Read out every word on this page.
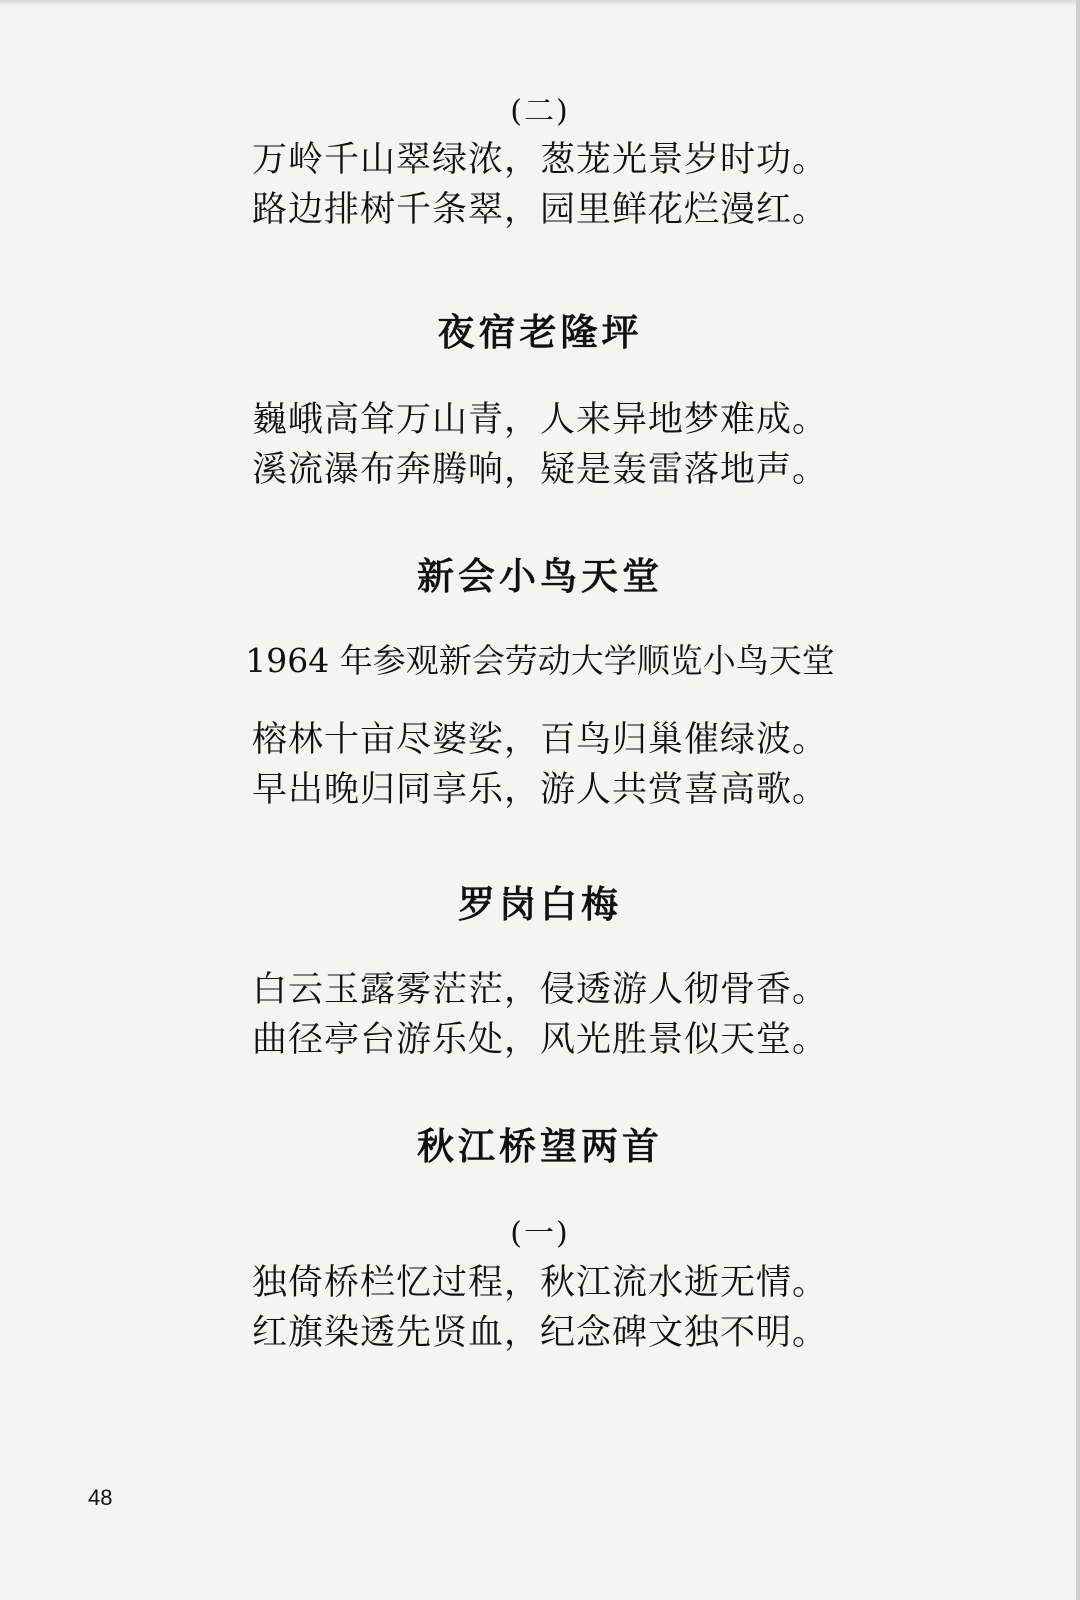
(二)

万岭千山翠绿浓，葱茏光景岁时功。

路边排树千条翠，园里鲜花烂漫红。

夜宿老隆坪

巍峨高耸万山青，人来异地梦难成。

溪流瀑布奔腾响，疑是轰雷落地声。

新会小鸟天堂
1964 年参观新会劳动大学顺览小鸟天堂

榕林十亩尽婆娑，百鸟归巢催绿波。

早出晚归同享乐，游人共赏喜高歌。

罗岗白梅

白云玉露雾茫茫，侵透游人彻骨香。

曲径亭台游乐处，风光胜景似天堂。

秋江桥望两首
(一)

独倚桥栏忆过程，秋江流水逝无情。

红旗染透先贤血，纪念碑文独不明。

48
